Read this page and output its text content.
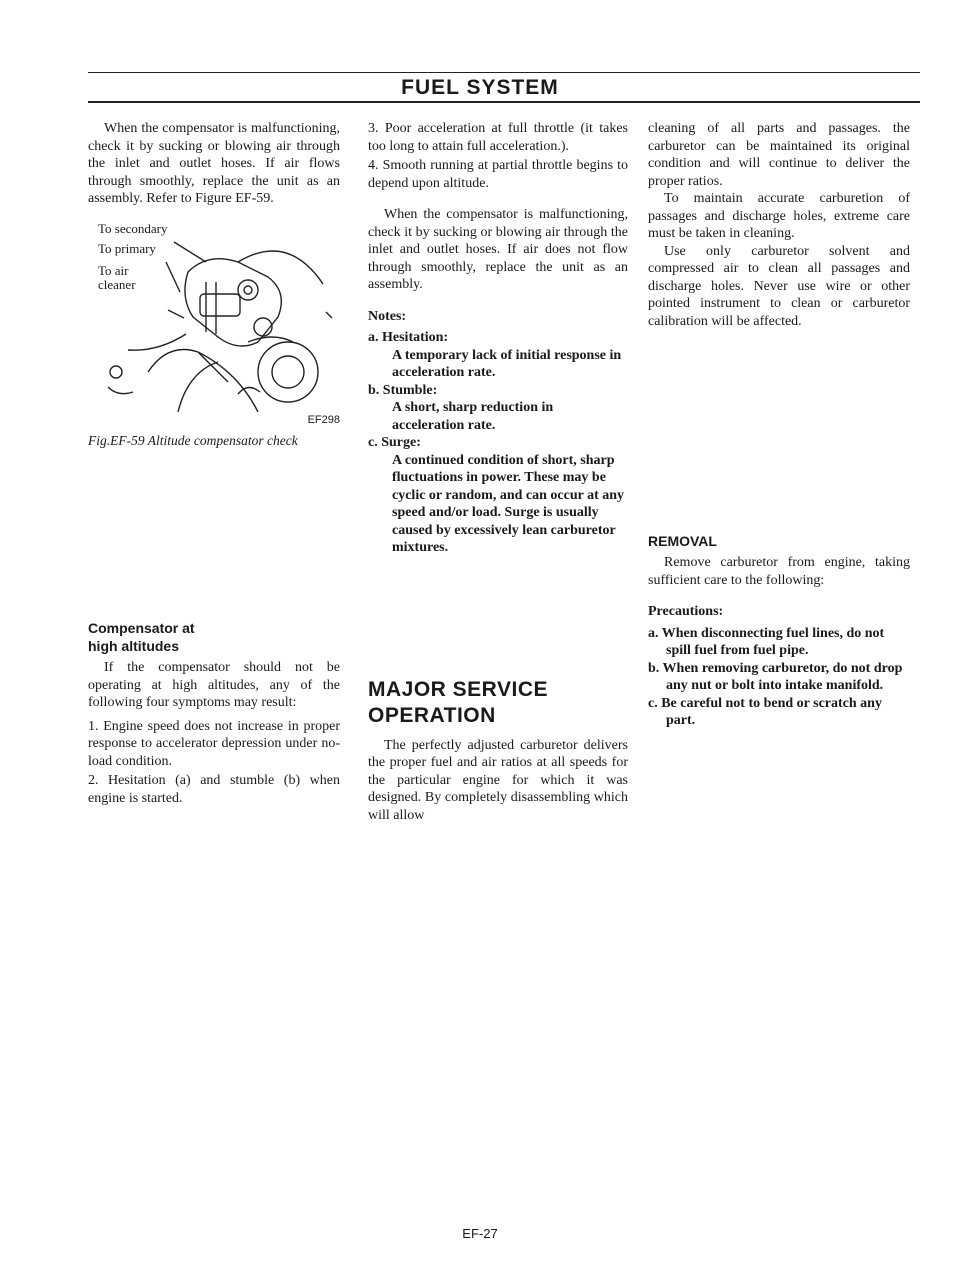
FUEL SYSTEM

When the compensator is malfunctioning, check it by sucking or blowing air through the inlet and outlet hoses. If air flows through smoothly, replace the unit as an assembly. Refer to Figure EF-59.

To secondary
To primary
To air
cleaner
EF298
Fig.EF-59 Altitude compensator check
Compensator at
high altitudes

If the compensator should not be operating at high altitudes, any of the following four symptoms may result:

1. Engine speed does not increase in proper response to accelerator depression under no-load condition.

2. Hesitation (a) and stumble (b) when engine is started.

3. Poor acceleration at full throttle (it takes too long to attain full acceleration.).

4. Smooth running at partial throttle begins to depend upon altitude.

When the compensator is malfunctioning, check it by sucking or blowing air through the inlet and outlet hoses. If air does not flow through smoothly, replace the unit as an assembly.

Notes:
a. Hesitation:
A temporary lack of initial response in acceleration rate.
b. Stumble:
A short, sharp reduction in acceleration rate.
c. Surge:
A continued condition of short, sharp fluctuations in power. These may be cyclic or random, and can occur at any speed and/or load. Surge is usually caused by excessively lean carburetor mixtures.
MAJOR SERVICE
OPERATION

The perfectly adjusted carburetor delivers the proper fuel and air ratios at all speeds for the particular engine for which it was designed. By completely disassembling which will allow

cleaning of all parts and passages. the carburetor can be maintained its original condition and will continue to deliver the proper ratios.

To maintain accurate carburetion of passages and discharge holes, extreme care must be taken in cleaning.

Use only carburetor solvent and compressed air to clean all passages and discharge holes. Never use wire or other pointed instrument to clean or carburetor calibration will be affected.

REMOVAL

Remove carburetor from engine, taking sufficient care to the following:

Precautions:
a. When disconnecting fuel lines, do not spill fuel from fuel pipe.
b. When removing carburetor, do not drop any nut or bolt into intake manifold.
c. Be careful not to bend or scratch any part.
EF-27
